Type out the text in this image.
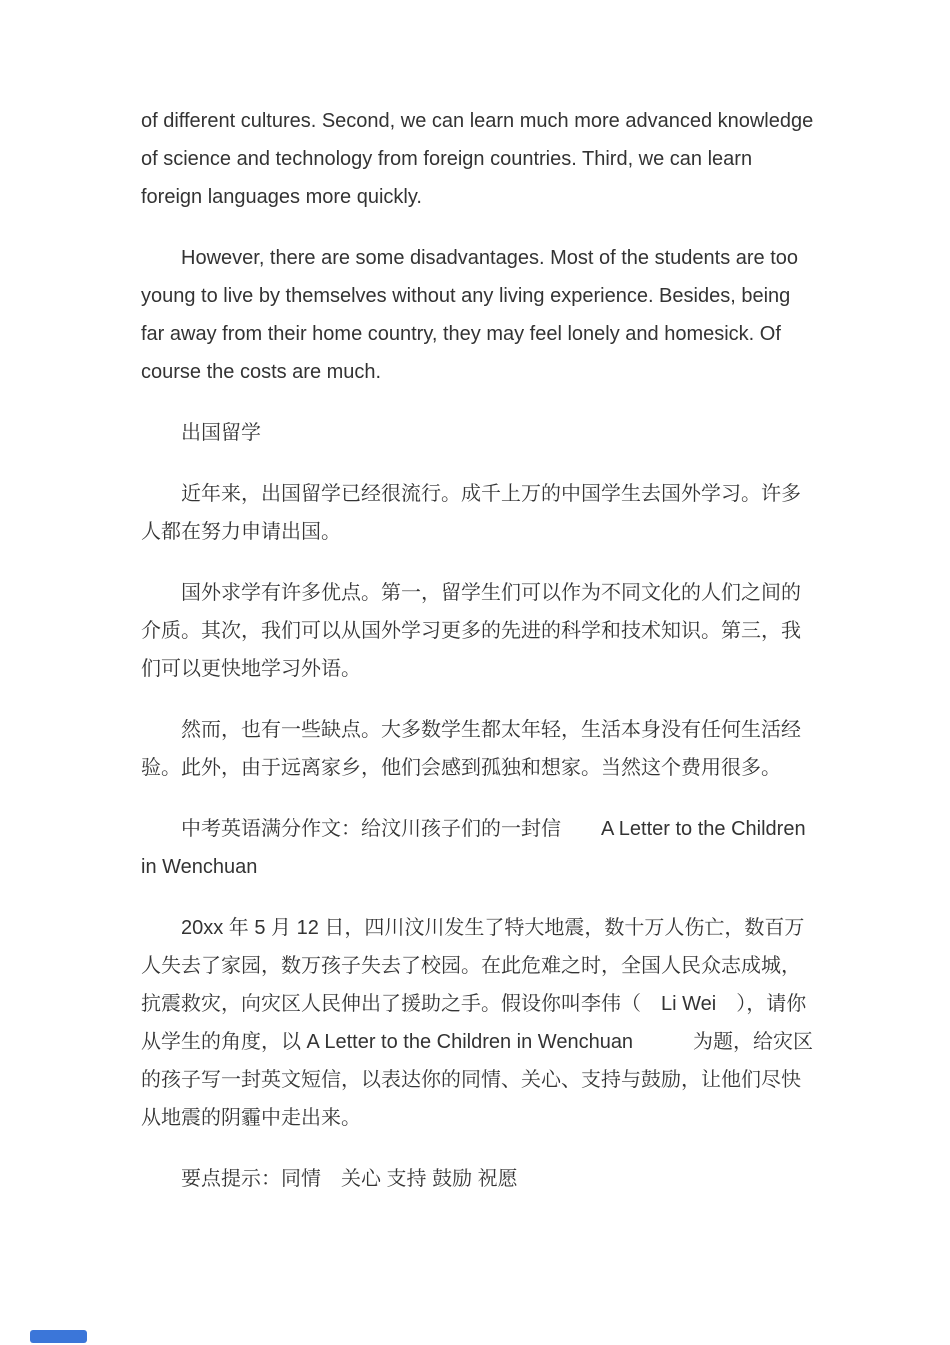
of different cultures. Second, we can learn much more advanced knowledge of science and technology from foreign countries. Third, we can learn foreign languages more quickly.

However, there are some disadvantages. Most of the students are too young to live by themselves without any living experience. Besides, being far away from their home country, they may feel lonely and homesick. Of course the costs are much.

出国留学

近年来，出国留学已经很流行。成千上万的中国学生去国外学习。许多人都在努力申请出国。

国外求学有许多优点。第一，留学生们可以作为不同文化的人们之间的介质。其次，我们可以从国外学习更多的先进的科学和技术知识。第三，我们可以更快地学习外语。

然而，也有一些缺点。大多数学生都太年轻，生活本身没有任何生活经验。此外，由于远离家乡，他们会感到孤独和想家。当然这个费用很多。

中考英语满分作文：给汶川孩子们的一封信　　A Letter to the Children in Wenchuan

20xx 年 5 月 12 日，四川汶川发生了特大地震，数十万人伤亡，数百万人失去了家园，数万孩子失去了校园。在此危难之时，全国人民众志成城，抗震救灾，向灾区人民伸出了援助之手。假设你叫李伟（　Li Wei　），请你从学生的角度，以 A Letter to the Children in Wenchuan　　　为题，给灾区的孩子写一封英文短信，以表达你的同情、关心、支持与鼓励，让他们尽快从地震的阴霾中走出来。

要点提示：同情　关心 支持 鼓励 祝愿
